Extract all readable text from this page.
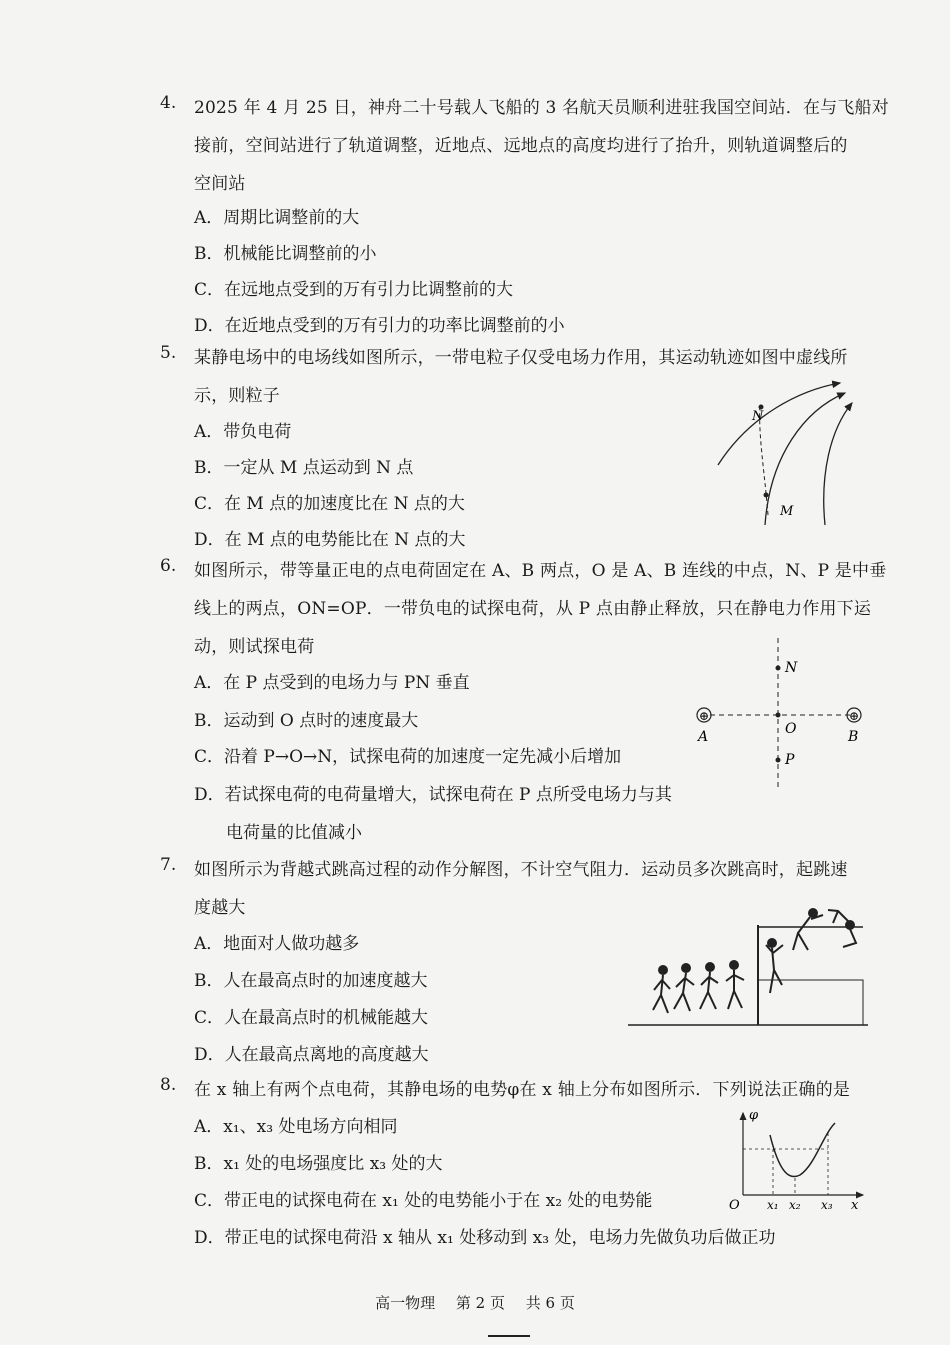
4. 2025 年 4 月 25 日，神舟二十号载人飞船的 3 名航天员顺利进驻我国空间站．在与飞船对
接前，空间站进行了轨道调整，近地点、远地点的高度均进行了抬升，则轨道调整后的
空间站
A．周期比调整前的大
B．机械能比调整前的小
C．在远地点受到的万有引力比调整前的大
D．在近地点受到的万有引力的功率比调整前的小
5. 某静电场中的电场线如图所示，一带电粒子仅受电场力作用，其运动轨迹如图中虚线所
示，则粒子
A．带负电荷
B．一定从 M 点运动到 N 点
C．在 M 点的加速度比在 N 点的大
D．在 M 点的电势能比在 N 点的大
N
M
6. 如图所示，带等量正电的点电荷固定在 A、B 两点，O 是 A、B 连线的中点，N、P 是中垂
线上的两点，ON=OP．一带负电的试探电荷，从 P 点由静止释放，只在静电力作用下运
动，则试探电荷
A．在 P 点受到的电场力与 PN 垂直
B．运动到 O 点时的速度最大
C．沿着 P→O→N，试探电荷的加速度一定先减小后增加
D．若试探电荷的电荷量增大，试探电荷在 P 点所受电场力与其
电荷量的比值减小
⊕	⊕
N
O
A	B
P
7. 如图所示为背越式跳高过程的动作分解图，不计空气阻力．运动员多次跳高时，起跳速
度越大
A．地面对人做功越多
B．人在最高点时的加速度越大
C．人在最高点时的机械能越大
D．人在最高点离地的高度越大
8. 在 x 轴上有两个点电荷，其静电场的电势φ在 x 轴上分布如图所示．下列说法正确的是
A．x₁、x₃ 处电场方向相同
B．x₁ 处的电场强度比 x₃ 处的大
C．带正电的试探电荷在 x₁ 处的电势能小于在 x₂ 处的电势能
D．带正电的试探电荷沿 x 轴从 x₁ 处移动到 x₃ 处，电场力先做负功后做正功
φ
O x₁ x₂ x₃ x
高一物理 第 2 页 共 6 页
